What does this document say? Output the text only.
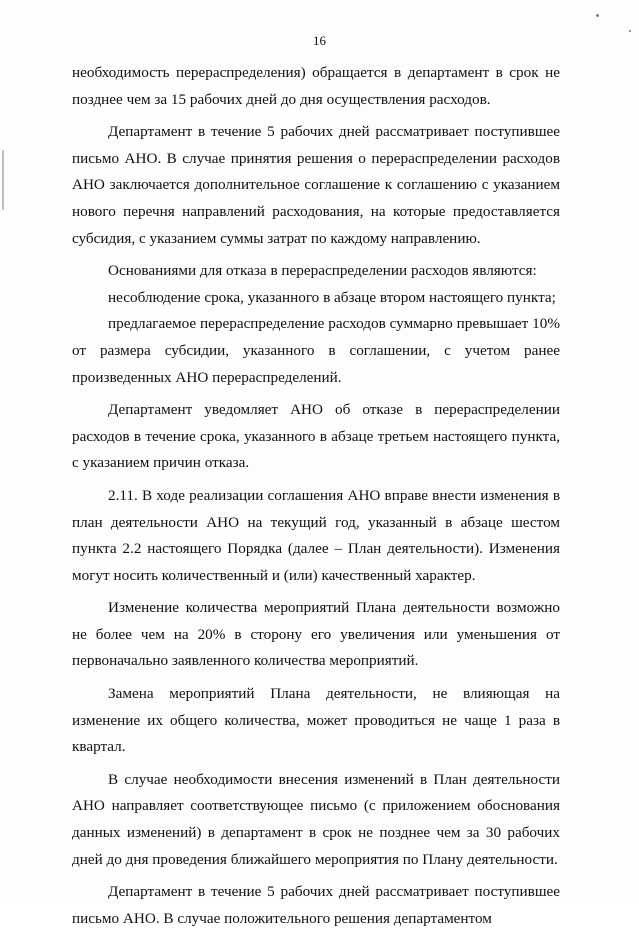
16

необходимость перераспределения) обращается в департамент в срок не позднее чем за 15 рабочих дней до дня осуществления расходов.

Департамент в течение 5 рабочих дней рассматривает поступившее письмо АНО. В случае принятия решения о перераспределении расходов АНО заключается дополнительное соглашение к соглашению с указанием нового перечня направлений расходования, на которые предоставляется субсидия, с указанием суммы затрат по каждому направлению.

Основаниями для отказа в перераспределении расходов являются:

несоблюдение срока, указанного в абзаце втором настоящего пункта;

предлагаемое перераспределение расходов суммарно превышает 10% от размера субсидии, указанного в соглашении, с учетом ранее произведенных АНО перераспределений.

Департамент уведомляет АНО об отказе в перераспределении расходов в течение срока, указанного в абзаце третьем настоящего пункта, с указанием причин отказа.

2.11. В ходе реализации соглашения АНО вправе внести изменения в план деятельности АНО на текущий год, указанный в абзаце шестом пункта 2.2 настоящего Порядка (далее – План деятельности). Изменения могут носить количественный и (или) качественный характер.

Изменение количества мероприятий Плана деятельности возможно не более чем на 20% в сторону его увеличения или уменьшения от первоначально заявленного количества мероприятий.

Замена мероприятий Плана деятельности, не влияющая на изменение их общего количества, может проводиться не чаще 1 раза в квартал.

В случае необходимости внесения изменений в План деятельности АНО направляет соответствующее письмо (с приложением обоснования данных изменений) в департамент в срок не позднее чем за 30 рабочих дней до дня проведения ближайшего мероприятия по Плану деятельности.

Департамент в течение 5 рабочих дней рассматривает поступившее письмо АНО. В случае положительного решения департаментом
